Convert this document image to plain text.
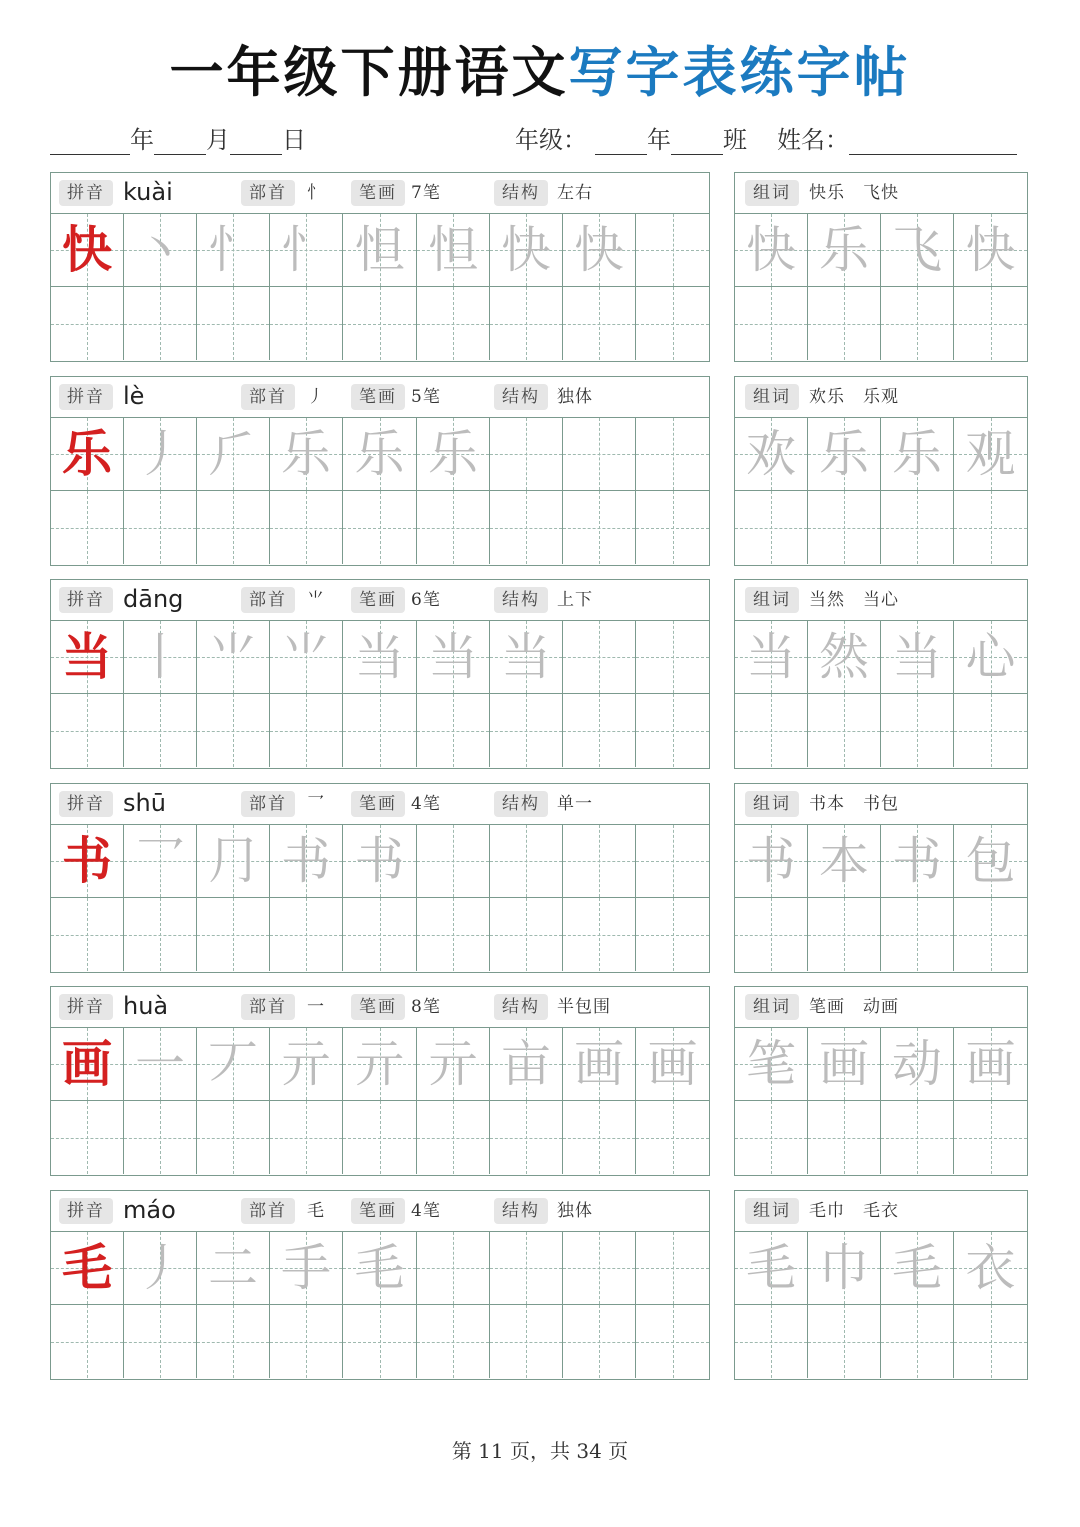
一年级下册语文写字表练字帖
年 月 日	年级：	年 班 姓名：
拼音 kuài	部首	忄	笔画 7笔	结构	左右
快 丶 忄 忄 怛 怛 快 快
组词	快乐　飞快
快 乐 飞 快
拼音 lè	部首	丿	笔画 5笔	结构	独体
乐 丿 ⺁ 乐 乐 乐
组词	欢乐　乐观
欢 乐 乐 观
拼音 dāng	部首	⺌	笔画 6笔	结构	上下
当 丨 ⺌ ⺌ 当 当 当
组词	当然　当心
当 然 当 心
拼音 shū	部首	乛	笔画 4笔	结构	单一
书 乛 ⺆ 书 书
组词	书本　书包
书 本 书 包
拼音 huà	部首	一	笔画 8笔	结构	半包围
画 一 丆 亓 亓 亓 亩 画 画
组词	笔画　动画
笔 画 动 画
拼音 máo	部首	毛	笔画 4笔	结构	独体
毛 丿 二 手 毛
组词	毛巾　毛衣
毛 巾 毛 衣
第 11 页，共 34 页
